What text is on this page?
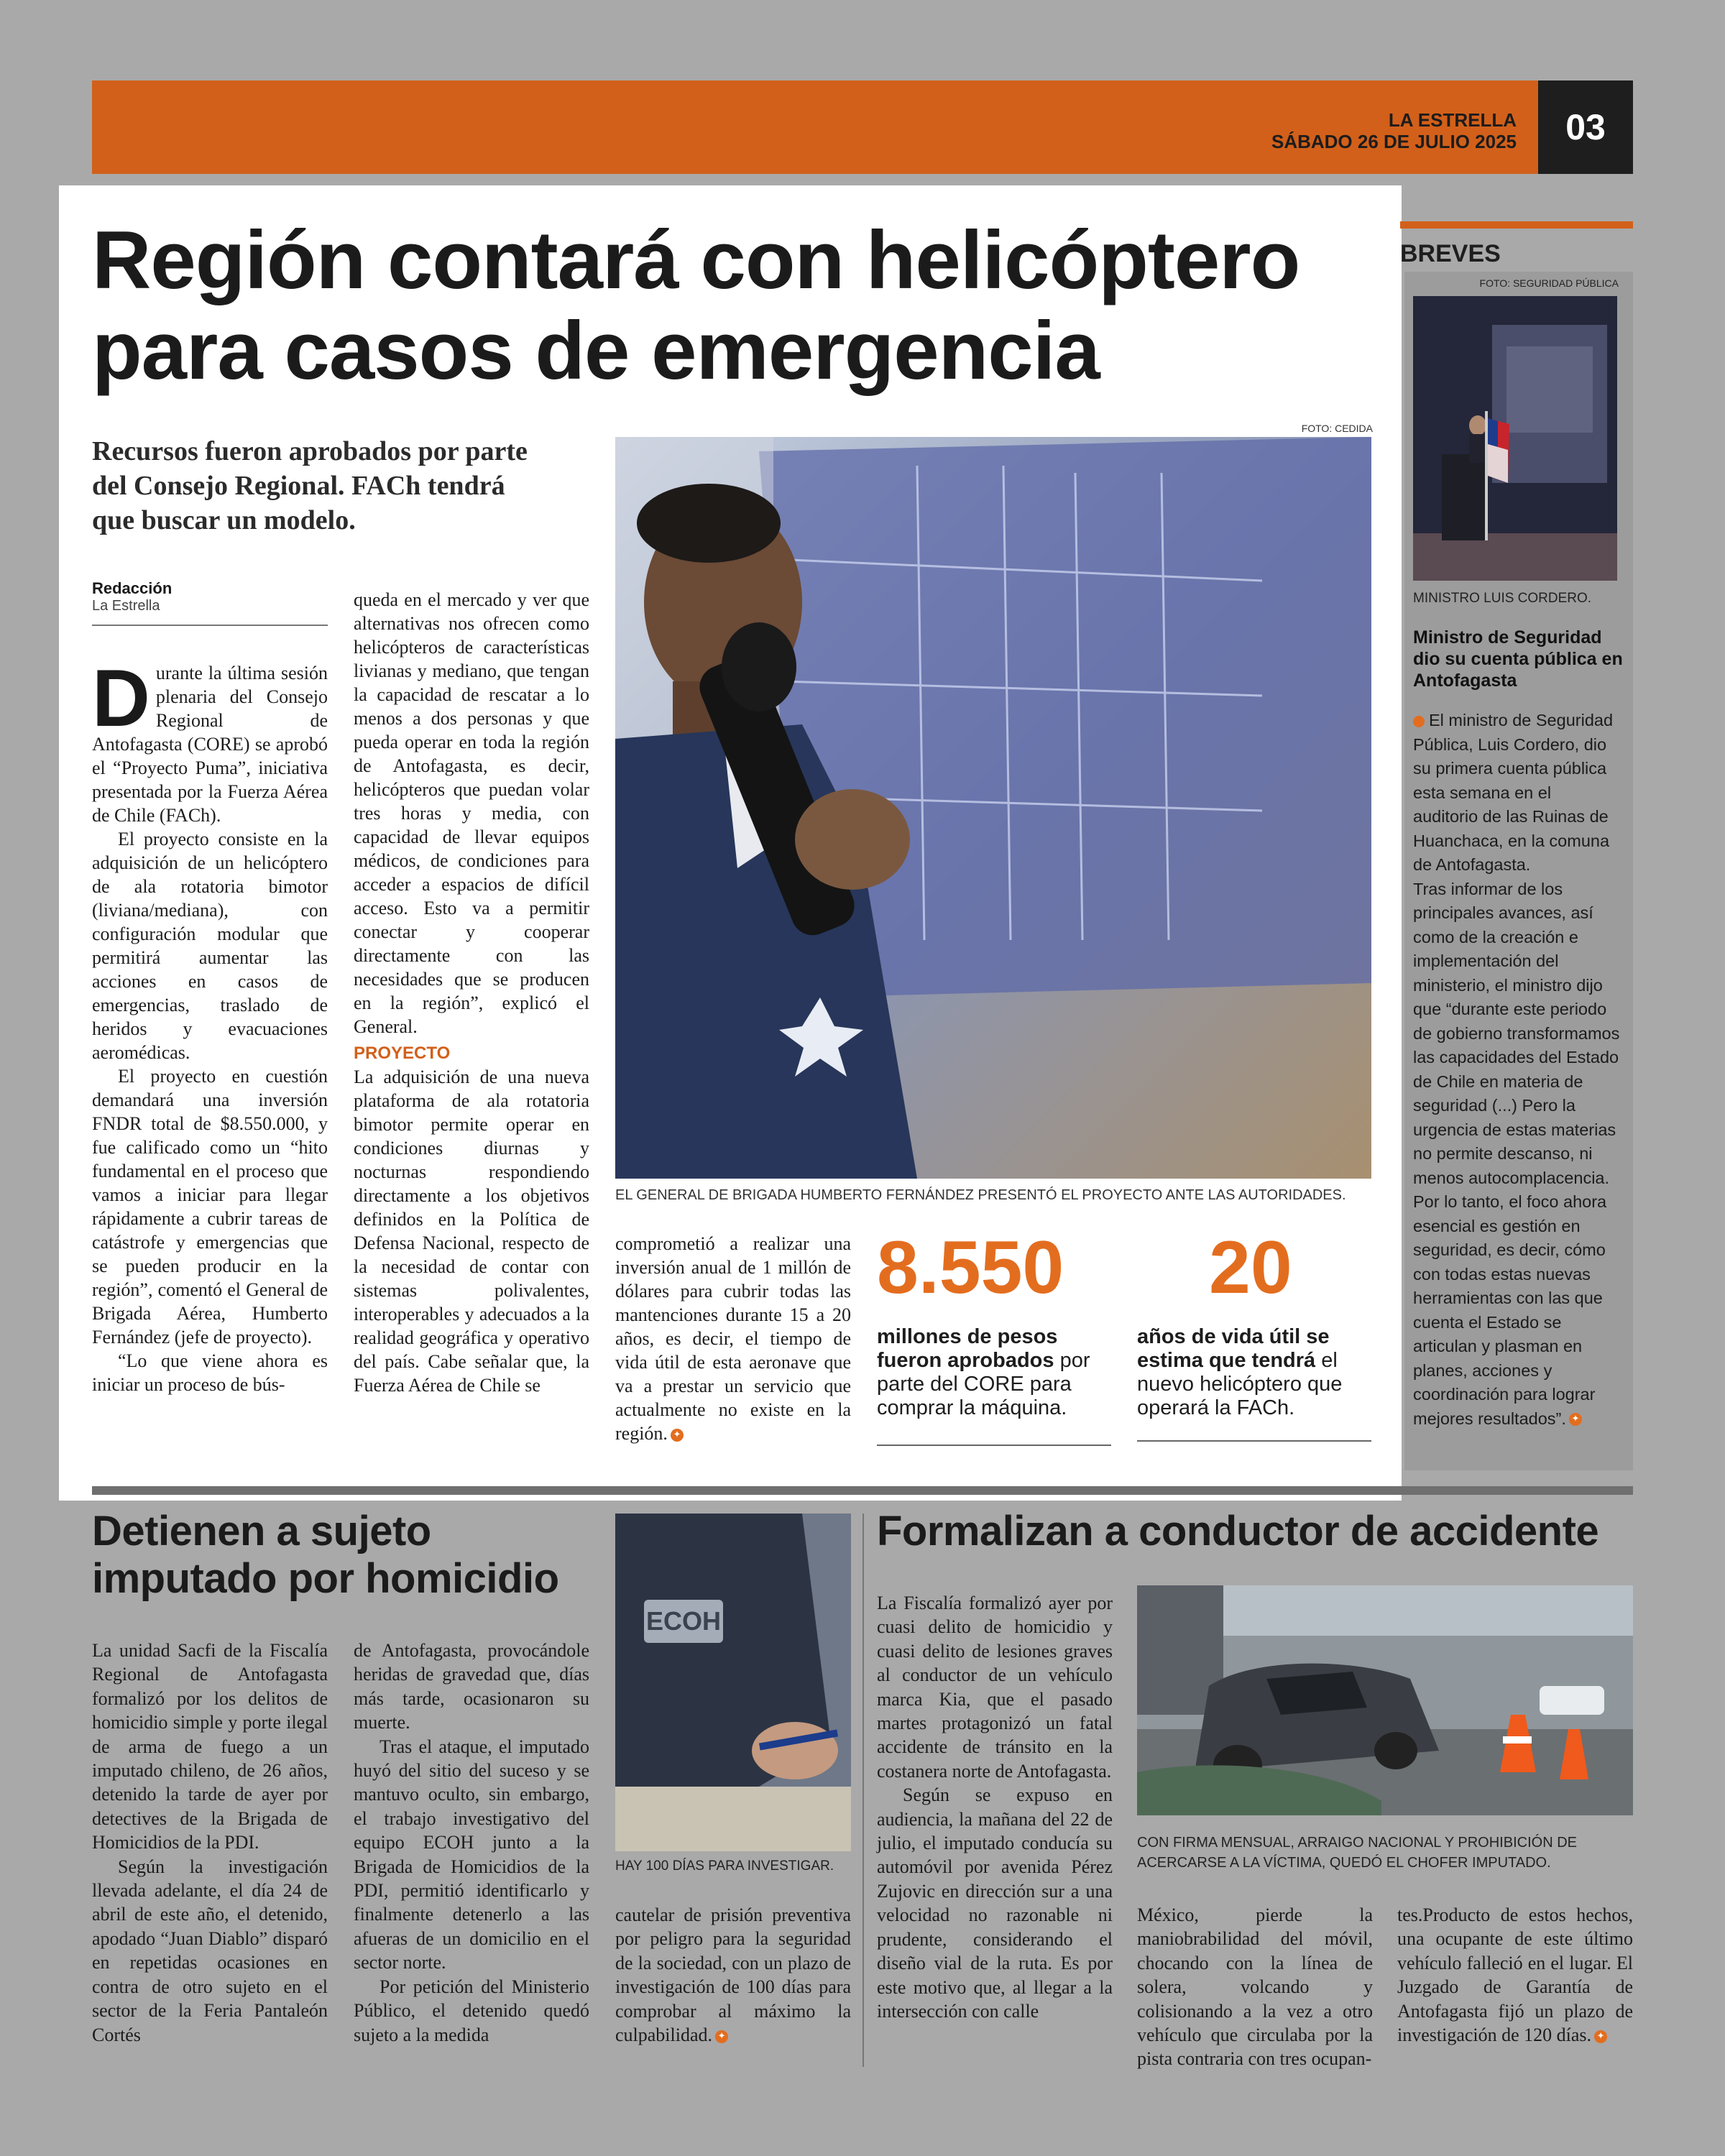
LA ESTRELLA
SÁBADO 26 DE JULIO 2025	03
Región contará con helicóptero para casos de emergencia
Recursos fueron aprobados por parte del Consejo Regional. FACh tendrá que buscar un modelo.
FOTO: CEDIDA
EL GENERAL DE BRIGADA HUMBERTO FERNÁNDEZ PRESENTÓ EL PROYECTO ANTE LAS AUTORIDADES.
Redacción
La Estrella

Durante la última sesión plenaria del Consejo Regional de Antofagasta (CORE) se aprobó el “Proyecto Puma”, iniciativa presentada por la Fuerza Aérea de Chile (FACh).

El proyecto consiste en la adquisición de un helicóptero de ala rotatoria bimotor (liviana/mediana), con configuración modular que permitirá aumentar las acciones en casos de emergencias, traslado de heridos y evacuaciones aeromédicas.

El proyecto en cuestión demandará una inversión FNDR total de $8.550.000, y fue calificado como un “hito fundamental en el proceso que vamos a iniciar para llegar rápidamente a cubrir tareas de catástrofe y emergencias que se pueden producir en la región”, comentó el General de Brigada Aérea, Humberto Fernández (jefe de proyecto).

“Lo que viene ahora es iniciar un proceso de bús-

queda en el mercado y ver que alternativas nos ofrecen como helicópteros de características livianas y mediano, que tengan la capacidad de rescatar a lo menos a dos personas y que pueda operar en toda la región de Antofagasta, es decir, helicópteros que puedan volar tres horas y media, con capacidad de llevar equipos médicos, de condiciones para acceder a espacios de difícil acceso. Esto va a permitir conectar y cooperar directamente con las necesidades que se producen en la región”, explicó el General.

PROYECTO

La adquisición de una nueva plataforma de ala rotatoria bimotor permite operar en condiciones diurnas y nocturnas respondiendo directamente a los objetivos definidos en la Política de Defensa Nacional, respecto de la necesidad de contar con sistemas polivalentes, interoperables y adecuados a la realidad geográfica y operativo del país. Cabe señalar que, la Fuerza Aérea de Chile se

comprometió a realizar una inversión anual de 1 millón de dólares para cubrir todas las mantenciones durante 15 a 20 años, es decir, el tiempo de vida útil de esta aeronave que va a prestar un servicio que actualmente no existe en la región. ✦

8.550
millones de pesos fueron aprobados por parte del CORE para comprar la máquina.
20
años de vida útil se estima que tendrá el nuevo helicóptero que operará la FACh.
BREVES
FOTO: SEGURIDAD PÚBLICA
MINISTRO LUIS CORDERO.
Ministro de Seguridad dio su cuenta pública en Antofagasta
El ministro de Seguridad Pública, Luis Cordero, dio su primera cuenta pública esta semana en el auditorio de las Ruinas de Huanchaca, en la comuna de Antofagasta.
Tras informar de los principales avances, así como de la creación e implementación del ministerio, el ministro dijo que “durante este periodo de gobierno transformamos las capacidades del Estado de Chile en materia de seguridad (...) Pero la urgencia de estas materias no permite descanso, ni menos autocomplacencia. Por lo tanto, el foco ahora esencial es gestión en seguridad, es decir, cómo con todas estas nuevas herramientas con las que cuenta el Estado se articulan y plasman en planes, acciones y coordinación para lograr mejores resultados”. ✦
Detienen a sujeto imputado por homicidio

La unidad Sacfi de la Fiscalía Regional de Antofagasta formalizó por los delitos de homicidio simple y porte ilegal de arma de fuego a un imputado chileno, de 26 años, detenido la tarde de ayer por detectives de la Brigada de Homicidios de la PDI.

Según la investigación llevada adelante, el día 24 de abril de este año, el detenido, apodado “Juan Diablo” disparó en repetidas ocasiones en contra de otro sujeto en el sector de la Feria Pantaleón Cortés

de Antofagasta, provocándole heridas de gravedad que, días más tarde, ocasionaron su muerte.

Tras el ataque, el imputado huyó del sitio del suceso y se mantuvo oculto, sin embargo, el trabajo investigativo del equipo ECOH junto a la Brigada de Homicidios de la PDI, permitió identificarlo y finalmente detenerlo a las afueras de un domicilio en el sector norte.

Por petición del Ministerio Público, el detenido quedó sujeto a la medida

ECOH
HAY 100 DÍAS PARA INVESTIGAR.

cautelar de prisión preventiva por peligro para la seguridad de la sociedad, con un plazo de investigación de 100 días para comprobar al máximo la culpabilidad. ✦

Formalizan a conductor de accidente

La Fiscalía formalizó ayer por cuasi delito de homicidio y cuasi delito de lesiones graves al conductor de un vehículo marca Kia, que el pasado martes protagonizó un fatal accidente de tránsito en la costanera norte de Antofagasta.

Según se expuso en audiencia, la mañana del 22 de julio, el imputado conducía su automóvil por avenida Pérez Zujovic en dirección sur a una velocidad no razonable ni prudente, considerando el diseño vial de la ruta. Es por este motivo que, al llegar a la intersección con calle

CON FIRMA MENSUAL, ARRAIGO NACIONAL Y PROHIBICIÓN DE ACERCARSE A LA VÍCTIMA, QUEDÓ EL CHOFER IMPUTADO.

México, pierde la maniobrabilidad del móvil, chocando con la línea de solera, volcando y colisionando a la vez a otro vehículo que circulaba por la pista contraria con tres ocupan-

tes.Producto de estos hechos, una ocupante de este último vehículo falleció en el lugar. El Juzgado de Garantía de Antofagasta fijó un plazo de investigación de 120 días. ✦
